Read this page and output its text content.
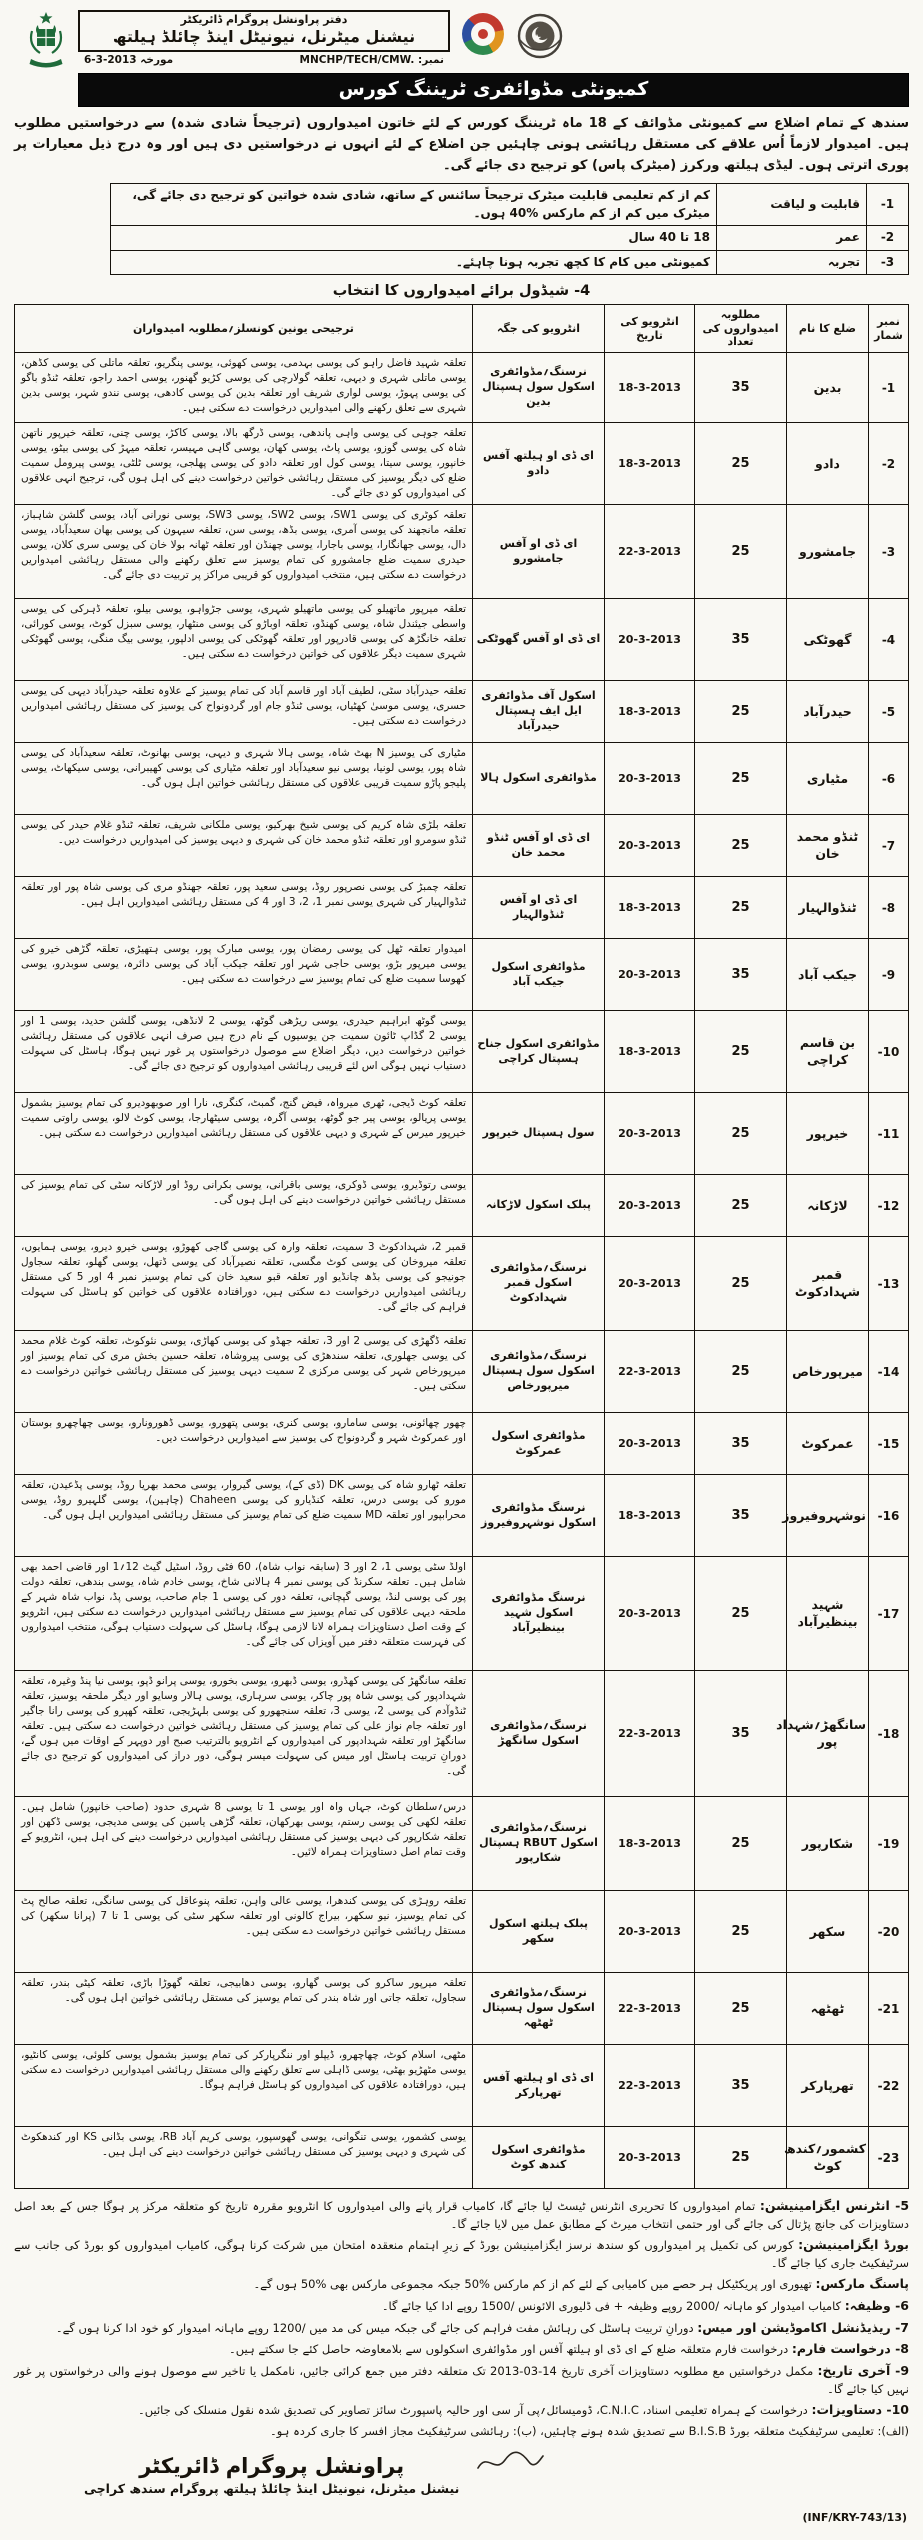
دفتر پراونشل پروگرام ڈائریکٹر
نیشنل میٹرنل، نیونیٹل اینڈ چائلڈ ہیلتھ
نمبر: MNCHP/TECH/CMW.
مورخہ 6-3-2013
کمیونٹی مڈوائفری ٹریننگ کورس

سندھ کے تمام اضلاع سے کمیونٹی مڈوائف کے 18 ماہ ٹریننگ کورس کے لئے خاتون امیدواروں (ترجیحاً شادی شدہ) سے درخواستیں مطلوب ہیں۔ امیدوار لازماً اُس علاقے کی مستقل رہائشی ہونی چاہئیں جن اضلاع کے لئے انہوں نے درخواستیں دی ہیں اور وہ درج ذیل معیارات پر پوری اترتی ہوں۔ لیڈی ہیلتھ ورکرز (میٹرک پاس) کو ترجیح دی جائے گی۔

-1	قابلیت و لیاقت	کم از کم تعلیمی قابلیت میٹرک ترجیحاً سائنس کے ساتھ، شادی شدہ خواتین کو ترجیح دی جائے گی، میٹرک میں کم از کم مارکس %40 ہوں۔
-2	عمر	18 تا 40 سال
-3	تجربہ	کمیونٹی میں کام کا کچھ تجربہ ہونا چاہئے۔
4- شیڈول برائے امیدواروں کا انتخاب
نمبر شمار	ضلع کا نام	مطلوبہ امیدواروں کی تعداد	انٹرویو کی تاریخ	انٹرویو کی جگہ	ترجیحی یونین کونسلز؍مطلوبہ امیدواران
-1	بدین	35	18-3-2013	نرسنگ؍مڈوائفری اسکول سول ہسپتال بدین	تعلقہ شہید فاضل راہو کی یوسی بہدمی، یوسی کھوئی، یوسی پنگریو، تعلقہ ماتلی کی یوسی کڈھن، یوسی ماتلی شہری و دیہی، تعلقہ گولارچی کی یوسی کڑیو گھنور، یوسی احمد راجو، تعلقہ ٹنڈو باگو کی یوسی پہوڑ، یوسی لواری شریف اور تعلقہ بدین کی یوسی کادھی، یوسی نندو شہر، یوسی بدین شہری سے تعلق رکھنے والی امیدواریں درخواست دے سکتی ہیں۔
-2	دادو	25	18-3-2013	ای ڈی او ہیلتھ آفس دادو	تعلقہ جوہی کی یوسی واہی پاندھی، یوسی ڈرگھ بالا، یوسی کاکڑ، یوسی چنی، تعلقہ خیرپور ناتھن شاہ کی یوسی گوزو، یوسی پاٹ، یوسی کھان، یوسی گاہی مہیسر، تعلقہ میہڑ کی یوسی بیٹو، یوسی خانپور، یوسی سیتا، یوسی کول اور تعلقہ دادو کی یوسی پھلجی، یوسی ٹلٹی، یوسی پیرومل سمیت ضلع کی دیگر یوسیز کی مستقل رہائشی خواتین درخواست دینے کی اہل ہوں گی، ترجیح انہی علاقوں کی امیدواروں کو دی جائے گی۔
-3	جامشورو	25	22-3-2013	ای ڈی او آفس جامشورو	تعلقہ کوٹری کی یوسی SW1، یوسی SW2، یوسی SW3، یوسی نورانی آباد، یوسی گلشن شاہباز، تعلقہ مانجھند کی یوسی آمری، یوسی بڈھ، یوسی سن، تعلقہ سیہون کی یوسی بھان سعیدآباد، یوسی دال، یوسی جھانگارا، یوسی باجارا، یوسی چھنڈن اور تعلقہ ٹھانہ بولا خان کی یوسی سری کلان، یوسی حیدری سمیت ضلع جامشورو کی تمام یوسیز سے تعلق رکھنے والی مستقل رہائشی امیدواریں درخواست دے سکتی ہیں، منتخب امیدواروں کو قریبی مراکز پر تربیت دی جائے گی۔
-4	گھوٹکی	35	20-3-2013	ای ڈی او آفس گھوٹکی	تعلقہ میرپور ماتھیلو کی یوسی ماتھیلو شہری، یوسی جڑواہو، یوسی بیلو، تعلقہ ڈہرکی کی یوسی واسطی جیئندل شاہ، یوسی کھنڈو، تعلقہ اوباڑو کی یوسی منٹھار، یوسی سبزل کوٹ، یوسی کورائی، تعلقہ خانگڑھ کی یوسی قادرپور اور تعلقہ گھوٹکی کی یوسی ادلپور، یوسی بیگ منگی، یوسی گھوٹکی شہری سمیت دیگر علاقوں کی خواتین درخواست دے سکتی ہیں۔
-5	حیدرآباد	25	18-3-2013	اسکول آف مڈوائفری ایل ایف ہسپتال حیدرآباد	تعلقہ حیدرآباد سٹی، لطیف آباد اور قاسم آباد کی تمام یوسیز کے علاوہ تعلقہ حیدرآباد دیہی کی یوسی حسری، یوسی موسیٰ کھٹیاں، یوسی ٹنڈو جام اور گردونواح کی یوسیز کی مستقل رہائشی امیدواریں درخواست دے سکتی ہیں۔
-6	مٹیاری	25	20-3-2013	مڈوائفری اسکول ہالا	مٹیاری کی یوسیز N بھٹ شاہ، یوسی ہالا شہری و دیہی، یوسی بھانوٹ، تعلقہ سعیدآباد کی یوسی شاہ پور، یوسی لونیا، یوسی نیو سعیدآباد اور تعلقہ مٹیاری کی یوسی کھیبرانی، یوسی سیکھاٹ، یوسی پلیجو پاڑو سمیت قریبی علاقوں کی مستقل رہائشی خواتین اہل ہوں گی۔
-7	ٹنڈو محمد خان	25	20-3-2013	ای ڈی او آفس ٹنڈو محمد خان	تعلقہ بلڑی شاہ کریم کی یوسی شیخ بھرکیو، یوسی ملکانی شریف، تعلقہ ٹنڈو غلام حیدر کی یوسی ٹنڈو سومرو اور تعلقہ ٹنڈو محمد خان کی شہری و دیہی یوسیز کی امیدواریں درخواست دیں۔
-8	ٹنڈوالہیار	25	18-3-2013	ای ڈی او آفس ٹنڈوالہیار	تعلقہ چمبڑ کی یوسی نصرپور روڈ، یوسی سعید پور، تعلقہ جھنڈو مری کی یوسی شاہ پور اور تعلقہ ٹنڈوالہیار کی شہری یوسی نمبر 1، 2، 3 اور 4 کی مستقل رہائشی امیدواریں اہل ہیں۔
-9	جیکب آباد	35	20-3-2013	مڈوائفری اسکول جیکب آباد	امیدوار تعلقہ ٹھل کی یوسی رمضان پور، یوسی مبارک پور، یوسی ہتھیڑی، تعلقہ گڑھی خیرو کی یوسی میرپور بڑو، یوسی حاجی شہر اور تعلقہ جیکب آباد کی یوسی دائرہ، یوسی سوبدرو، یوسی کھوسا سمیت ضلع کی تمام یوسیز سے درخواست دے سکتی ہیں۔
-10	بن قاسم کراچی	25	18-3-2013	مڈوائفری اسکول جناح ہسپتال کراچی	یوسی گوٹھ ابراہیم حیدری، یوسی ریڑھی گوٹھ، یوسی 2 لانڈھی، یوسی گلشن حدید، یوسی 1 اور یوسی 2 گڈاپ ٹائون سمیت جن یوسیوں کے نام درج ہیں صرف انہی علاقوں کی مستقل رہائشی خواتین درخواست دیں، دیگر اضلاع سے موصول درخواستوں پر غور نہیں ہوگا، ہاسٹل کی سہولت دستیاب نہیں ہوگی اس لئے قریبی رہائشی امیدواروں کو ترجیح دی جائے گی۔
-11	خیرپور	25	20-3-2013	سول ہسپتال خیرپور	تعلقہ کوٹ ڈیجی، ٹھری میرواہ، فیض گنج، گمبٹ، کنگری، نارا اور صوبھودیرو کی تمام یوسیز بشمول یوسی پریالو، یوسی پیر جو گوٹھ، یوسی آگرہ، یوسی سیٹھارجا، یوسی کوٹ لالو، یوسی راوتی سمیت خیرپور میرس کے شہری و دیہی علاقوں کی مستقل رہائشی امیدواریں درخواست دے سکتی ہیں۔
-12	لاڑکانہ	25	20-3-2013	پبلک اسکول لاڑکانہ	یوسی رتوڈیرو، یوسی ڈوکری، یوسی باقرانی، یوسی بکرانی روڈ اور لاڑکانہ سٹی کی تمام یوسیز کی مستقل رہائشی خواتین درخواست دینے کی اہل ہوں گی۔
-13	قمبر شہدادکوٹ	25	20-3-2013	نرسنگ؍مڈوائفری اسکول قمبر شہدادکوٹ	قمبر 2، شہدادکوٹ 3 سمیت، تعلقہ وارہ کی یوسی گاجی کھوڑو، یوسی خیرو دیرو، یوسی ہمایوں، تعلقہ میروخان کی یوسی کوٹ مگسی، تعلقہ نصیرآباد کی یوسی ڈتھل، یوسی گھلو، تعلقہ سجاول جونیجو کی یوسی بڈھ چانڈیو اور تعلقہ قبو سعید خان کی تمام یوسیز نمبر 4 اور 5 کی مستقل رہائشی امیدواریں درخواست دے سکتی ہیں، دورافتادہ علاقوں کی خواتین کو ہاسٹل کی سہولت فراہم کی جائے گی۔
-14	میرپورخاص	25	22-3-2013	نرسنگ؍مڈوائفری اسکول سول ہسپتال میرپورخاص	تعلقہ ڈگھڑی کی یوسی 2 اور 3، تعلقہ جھڈو کی یوسی کھاڑی، یوسی نئوکوٹ، تعلقہ کوٹ غلام محمد کی یوسی جھلوری، تعلقہ سندھڑی کی یوسی پیروشاہ، تعلقہ حسین بخش مری کی تمام یوسیز اور میرپورخاص شہر کی یوسی مرکزی 2 سمیت دیہی یوسیز کی مستقل رہائشی خواتین درخواست دے سکتی ہیں۔
-15	عمرکوٹ	35	20-3-2013	مڈوائفری اسکول عمرکوٹ	چھور چھائونی، یوسی سامارو، یوسی کنری، یوسی پتھورو، یوسی ڈھورونارو، یوسی چھاچھرو بوستان اور عمرکوٹ شہر و گردونواح کی یوسیز سے امیدواریں درخواست دیں۔
-16	نوشہروفیروز	35	18-3-2013	نرسنگ مڈوائفری اسکول نوشہروفیروز	تعلقہ ٹھارو شاہ کی یوسی DK (ڈی کے)، یوسی گیروار، یوسی محمد بھریا روڈ، یوسی پڈعیدن، تعلقہ مورو کی یوسی درس، تعلقہ کنڈیارو کی یوسی Chaheen (چاہین)، یوسی گلہیرو روڈ، یوسی محرابپور اور تعلقہ MD سمیت ضلع کی تمام یوسیز کی مستقل رہائشی امیدواریں اہل ہوں گی۔
-17	شہید بینظیرآباد	25	20-3-2013	نرسنگ مڈوائفری اسکول شہید بینظیرآباد	اولڈ سٹی یوسی 1، 2 اور 3 (سابقہ نواب شاہ)، 60 فٹی روڈ، اسٹیل گیٹ 12؍1 اور قاضی احمد بھی شامل ہیں۔ تعلقہ سکرنڈ کی یوسی نمبر 4 ہالانی شاخ، یوسی خادم شاہ، یوسی بندھی، تعلقہ دولت پور کی یوسی لنڈ، یوسی گپچانی، تعلقہ دور کی یوسی 1 جام صاحب، یوسی پڈ، نواب شاہ شہر کے ملحقہ دیہی علاقوں کی تمام یوسیز سے مستقل رہائشی امیدواریں درخواست دے سکتی ہیں، انٹرویو کے وقت اصل دستاویزات ہمراہ لانا لازمی ہوگا، ہاسٹل کی سہولت دستیاب ہوگی، منتخب امیدواروں کی فہرست متعلقہ دفتر میں آویزاں کی جائے گی۔
-18	سانگھڑ؍شہداد پور	35	22-3-2013	نرسنگ؍مڈوائفری اسکول سانگھڑ	تعلقہ سانگھڑ کی یوسی کھڈرو، یوسی ڈبھرو، یوسی بخورو، یوسی پرانو ڈپو، یوسی نیا پنڈ وغیرہ، تعلقہ شہدادپور کی یوسی شاہ پور چاکر، یوسی سرہاری، یوسی ہالار وسایو اور دیگر ملحقہ یوسیز، تعلقہ ٹنڈوآدم کی یوسی 2، یوسی 3، تعلقہ سنجھورو کی یوسی بلہڑیجی، تعلقہ کھپرو کی یوسی رانا جاگیر اور تعلقہ جام نواز علی کی تمام یوسیز کی مستقل رہائشی خواتین درخواست دے سکتی ہیں۔ تعلقہ سانگھڑ اور تعلقہ شہدادپور کی امیدواروں کے انٹرویو بالترتیب صبح اور دوپہر کے اوقات میں ہوں گے، دورانِ تربیت ہاسٹل اور میس کی سہولت میسر ہوگی، دور دراز کی امیدواروں کو ترجیح دی جائے گی۔
-19	شکارپور	25	18-3-2013	نرسنگ؍مڈوائفری اسکول RBUT ہسپتال شکارپور	درس؍سلطان کوٹ، جہاں واہ اور یوسی 1 تا یوسی 8 شہری حدود (صاحب خانپور) شامل ہیں۔ تعلقہ لکھی کی یوسی رستم، یوسی بھرکھان، تعلقہ گڑھی یاسین کی یوسی مدیجی، یوسی ڈکھن اور تعلقہ شکارپور کی دیہی یوسیز کی مستقل رہائشی امیدواریں درخواست دینے کی اہل ہیں، انٹرویو کے وقت تمام اصل دستاویزات ہمراہ لائیں۔
-20	سکھر	25	20-3-2013	پبلک ہیلتھ اسکول سکھر	تعلقہ روہڑی کی یوسی کندھرا، یوسی عالی واہن، تعلقہ پنوعاقل کی یوسی سانگی، تعلقہ صالح پٹ کی تمام یوسیز، نیو سکھر، بیراج کالونی اور تعلقہ سکھر سٹی کی یوسی 1 تا 7 (پرانا سکھر) کی مستقل رہائشی خواتین درخواست دے سکتی ہیں۔
-21	ٹھٹھہ	25	22-3-2013	نرسنگ؍مڈوائفری اسکول سول ہسپتال ٹھٹھہ	تعلقہ میرپور ساکرو کی یوسی گھارو، یوسی دھابیجی، تعلقہ گھوڑا باڑی، تعلقہ کیٹی بندر، تعلقہ سجاول، تعلقہ جاتی اور شاہ بندر کی تمام یوسیز کی مستقل رہائشی خواتین اہل ہوں گی۔
-22	تھرپارکر	35	22-3-2013	ای ڈی او ہیلتھ آفس تھرپارکر	مٹھی، اسلام کوٹ، چھاچھرو، ڈیپلو اور ننگرپارکر کی تمام یوسیز بشمول یوسی کلوئی، یوسی کانٹیو، یوسی مٹھڑیو بھٹی، یوسی ڈاہلی سے تعلق رکھنے والی مستقل رہائشی امیدواریں درخواست دے سکتی ہیں، دورافتادہ علاقوں کی امیدواروں کو ہاسٹل فراہم ہوگا۔
-23	کشمور؍کندھ کوٹ	25	20-3-2013	مڈوائفری اسکول کندھ کوٹ	یوسی کشمور، یوسی تنگوانی، یوسی گھوسپور، یوسی کریم آباد RB، یوسی بڈانی KS اور کندھکوٹ کی شہری و دیہی یوسیز کی مستقل رہائشی خواتین درخواست دینے کی اہل ہیں۔

5- انٹرنس ایگزامینیشن: تمام امیدواروں کا تحریری انٹرنس ٹیسٹ لیا جائے گا، کامیاب قرار پانے والی امیدواروں کا انٹرویو مقررہ تاریخ کو متعلقہ مرکز پر ہوگا جس کے بعد اصل دستاویزات کی جانچ پڑتال کی جائے گی اور حتمی انتخاب میرٹ کے مطابق عمل میں لایا جائے گا۔

بورڈ ایگزامینیشن: کورس کی تکمیل پر امیدواروں کو سندھ نرسز ایگزامینیشن بورڈ کے زیرِ اہتمام منعقدہ امتحان میں شرکت کرنا ہوگی، کامیاب امیدواروں کو بورڈ کی جانب سے سرٹیفکیٹ جاری کیا جائے گا۔

پاسنگ مارکس: تھیوری اور پریکٹیکل ہر حصے میں کامیابی کے لئے کم از کم مارکس %50 جبکہ مجموعی مارکس بھی %50 ہوں گے۔

6- وظیفہ: کامیاب امیدوار کو ماہانہ /2000 روپے وظیفہ + فی ڈلیوری الائونس /1500 روپے ادا کیا جائے گا۔

7- ریذیڈنشل اکاموڈیشن اور میس: دورانِ تربیت ہاسٹل کی رہائش مفت فراہم کی جائے گی جبکہ میس کی مد میں /1200 روپے ماہانہ امیدوار کو خود ادا کرنا ہوں گے۔

8- درخواست فارم: درخواست فارم متعلقہ ضلع کے ای ڈی او ہیلتھ آفس اور مڈوائفری اسکولوں سے بلامعاوضہ حاصل کئے جا سکتے ہیں۔

9- آخری تاریخ: مکمل درخواستیں مع مطلوبہ دستاویزات آخری تاریخ 14-03-2013 تک متعلقہ دفتر میں جمع کرائی جائیں، نامکمل یا تاخیر سے موصول ہونے والی درخواستوں پر غور نہیں کیا جائے گا۔

10- دستاویزات: درخواست کے ہمراہ تعلیمی اسناد، C.N.I.C، ڈومیسائل؍پی آر سی اور حالیہ پاسپورٹ سائز تصاویر کی تصدیق شدہ نقول منسلک کی جائیں۔

(الف): تعلیمی سرٹیفکیٹ متعلقہ بورڈ B.I.S.B سے تصدیق شدہ ہونے چاہئیں، (ب): رہائشی سرٹیفکیٹ مجاز افسر کا جاری کردہ ہو۔

پراونشل پروگرام ڈائریکٹر
نیشنل میٹرنل، نیونیٹل اینڈ چائلڈ ہیلتھ پروگرام سندھ کراچی
(INF/KRY-743/13)
